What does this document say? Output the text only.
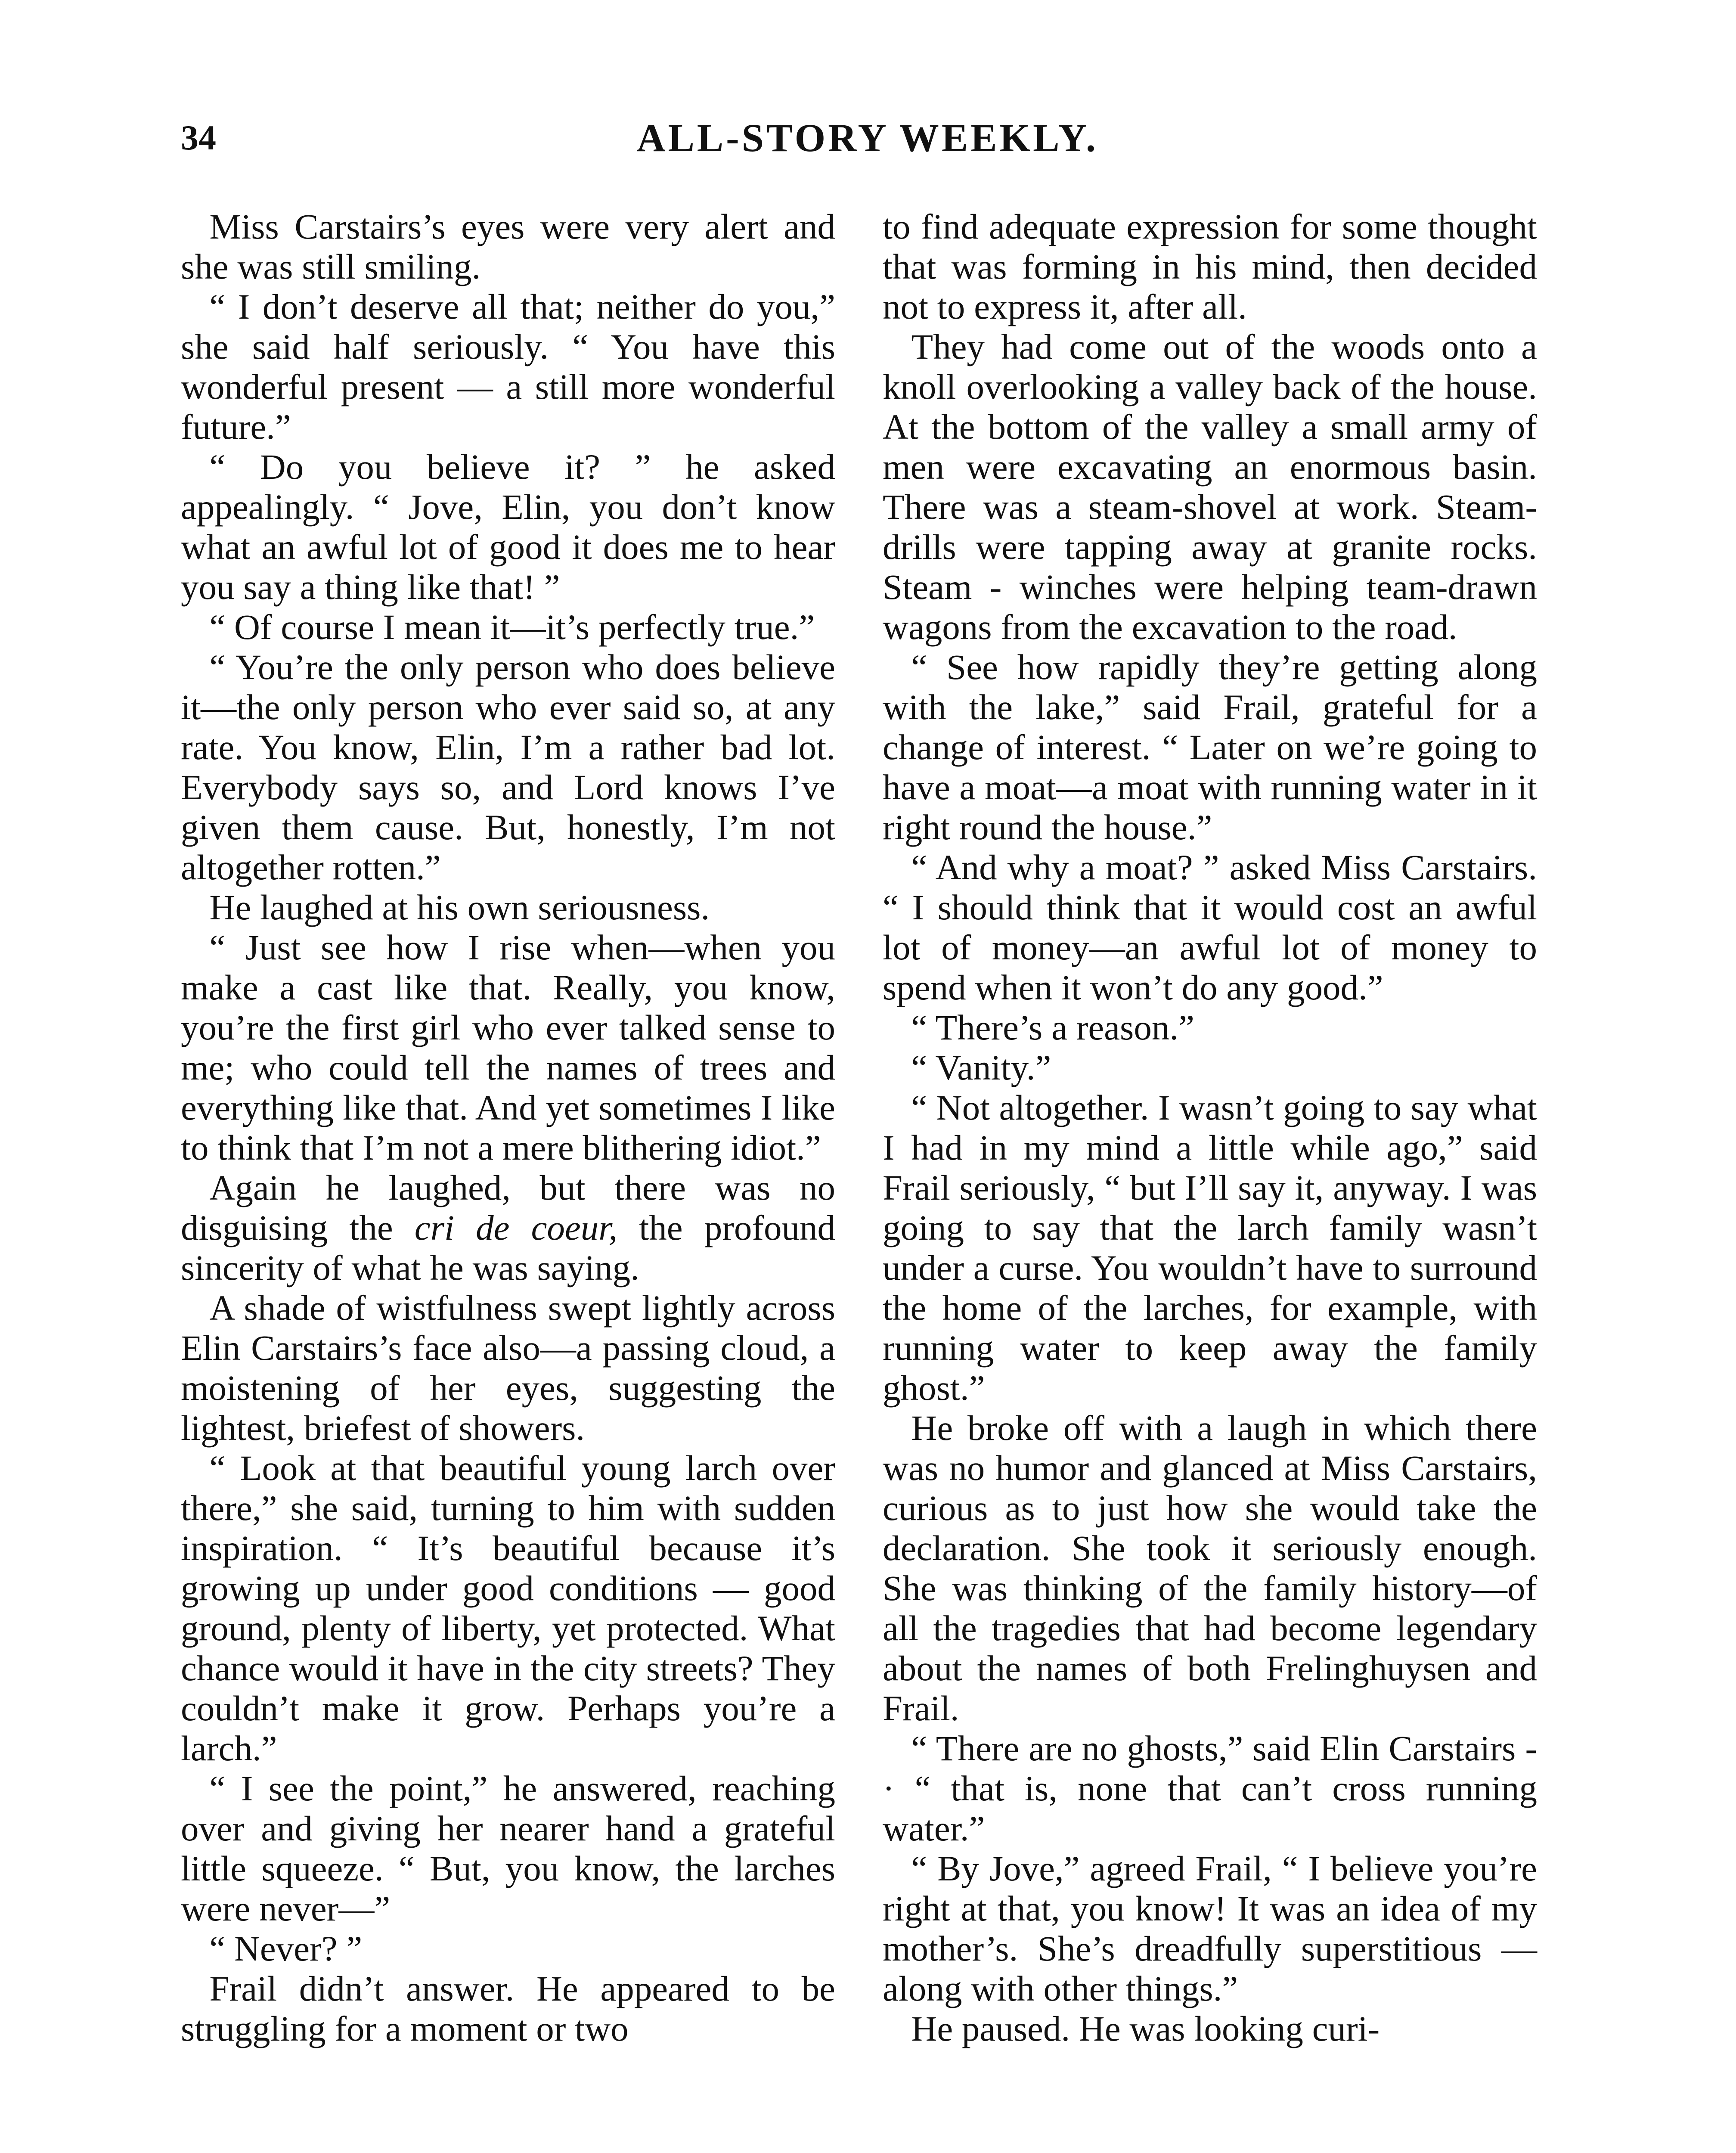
34	ALL-STORY WEEKLY.

Miss Carstairs’s eyes were very alert and she was still smiling.

“ I don’t deserve all that; neither do you,” she said half seriously. “ You have this wonderful present — a still more wonderful future.”

“ Do you believe it? ” he asked appealingly. “ Jove, Elin, you don’t know what an awful lot of good it does me to hear you say a thing like that! ”

“ Of course I mean it—it’s perfectly true.”

“ You’re the only person who does believe it—the only person who ever said so, at any rate. You know, Elin, I’m a rather bad lot. Everybody says so, and Lord knows I’ve given them cause. But, honestly, I’m not altogether rotten.”

He laughed at his own seriousness.

“ Just see how I rise when—when you make a cast like that. Really, you know, you’re the first girl who ever talked sense to me; who could tell the names of trees and everything like that. And yet sometimes I like to think that I’m not a mere blithering idiot.”

Again he laughed, but there was no disguising the cri de coeur, the profound sincerity of what he was saying.

A shade of wistfulness swept lightly across Elin Carstairs’s face also—a passing cloud, a moistening of her eyes, suggesting the lightest, briefest of showers.

“ Look at that beautiful young larch over there,” she said, turning to him with sudden inspiration. “ It’s beautiful because it’s growing up under good conditions — good ground, plenty of liberty, yet protected. What chance would it have in the city streets? They couldn’t make it grow. Perhaps you’re a larch.”

“ I see the point,” he answered, reaching over and giving her nearer hand a grateful little squeeze. “ But, you know, the larches were never—”

“ Never? ”

Frail didn’t answer. He appeared to be struggling for a moment or two

to find adequate expression for some thought that was forming in his mind, then decided not to express it, after all.

They had come out of the woods onto a knoll overlooking a valley back of the house. At the bottom of the valley a small army of men were excavating an enormous basin. There was a steam-shovel at work. Steam-drills were tapping away at granite rocks. Steam - winches were helping team-drawn wagons from the excavation to the road.

“ See how rapidly they’re getting along with the lake,” said Frail, grateful for a change of interest. “ Later on we’re going to have a moat—a moat with running water in it right round the house.”

“ And why a moat? ” asked Miss Carstairs. “ I should think that it would cost an awful lot of money—an awful lot of money to spend when it won’t do any good.”

“ There’s a reason.”

“ Vanity.”

“ Not altogether. I wasn’t going to say what I had in my mind a little while ago,” said Frail seriously, “ but I’ll say it, anyway. I was going to say that the larch family wasn’t under a curse. You wouldn’t have to surround the home of the larches, for example, with running water to keep away the family ghost.”

He broke off with a laugh in which there was no humor and glanced at Miss Carstairs, curious as to just how she would take the declaration. She took it seriously enough. She was thinking of the family history—of all the tragedies that had become legendary about the names of both Frelinghuysen and Frail.

“ There are no ghosts,” said Elin Carstairs - · “ that is, none that can’t cross running water.”

“ By Jove,” agreed Frail, “ I believe you’re right at that, you know! It was an idea of my mother’s. She’s dreadfully superstitious — along with other things.”

He paused. He was looking curi-
